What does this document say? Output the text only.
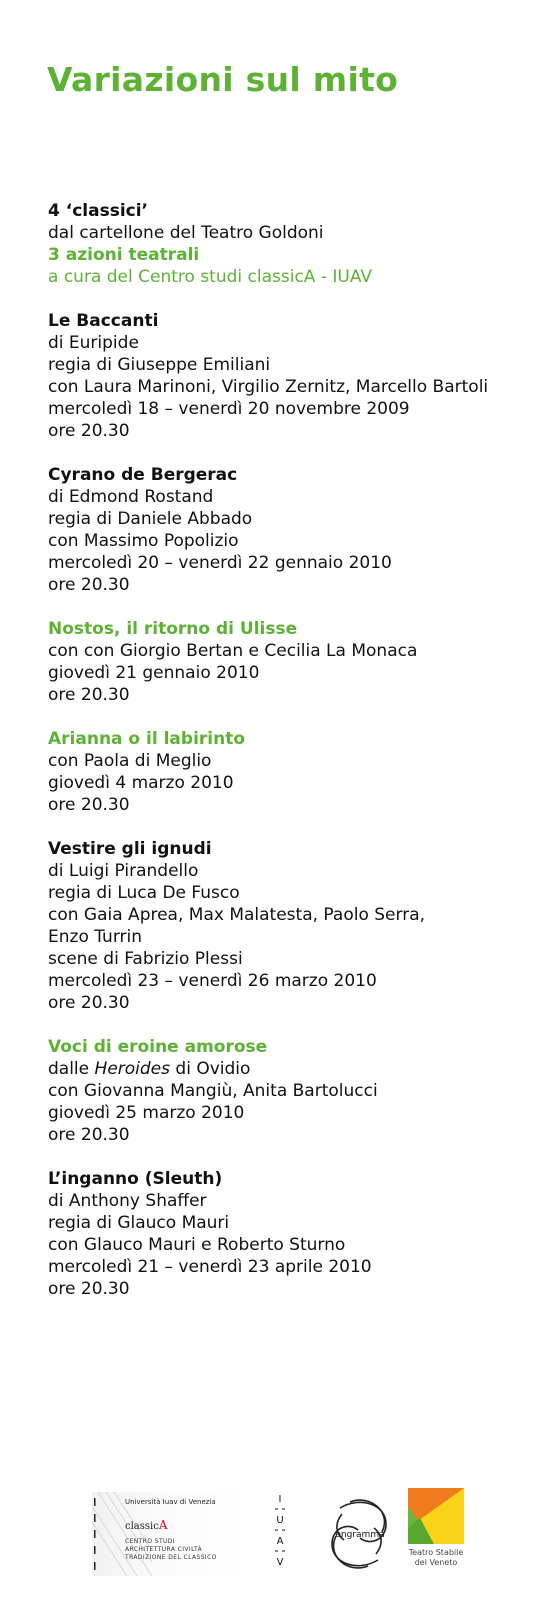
Variazioni sul mito
4 ‘classici’
dal cartellone del Teatro Goldoni
3 azioni teatrali
a cura del Centro studi classicA - IUAV
Le Baccanti
di Euripide
regia di Giuseppe Emiliani
con Laura Marinoni, Virgilio Zernitz, Marcello Bartoli
mercoledì 18 – venerdì 20 novembre 2009
ore 20.30
Cyrano de Bergerac
di Edmond Rostand
regia di Daniele Abbado
con Massimo Popolizio
mercoledì 20 – venerdì 22 gennaio 2010
ore 20.30
Nostos, il ritorno di Ulisse
con con Giorgio Bertan e Cecilia La Monaca
giovedì 21 gennaio 2010
ore 20.30
Arianna o il labirinto
con Paola di Meglio
giovedì 4 marzo 2010
ore 20.30
Vestire gli ignudi
di Luigi Pirandello
regia di Luca De Fusco
con Gaia Aprea, Max Malatesta, Paolo Serra,
Enzo Turrin
scene di Fabrizio Plessi
mercoledì 23 – venerdì 26 marzo 2010
ore 20.30
Voci di eroine amorose
dalle Heroides di Ovidio
con Giovanna Mangiù, Anita Bartolucci
giovedì 25 marzo 2010
ore 20.30
L’inganno (Sleuth)
di Anthony Shaffer
regia di Glauco Mauri
con Glauco Mauri e Roberto Sturno
mercoledì 21 – venerdì 23 aprile 2010
ore 20.30
Università Iuav di Venezia
classicA
CENTRO STUDI
ARCHITETTURA CIVILTÀ
TRADIZIONE DEL CLASSICO
I
U
A
V
engramma
Teatro Stabile
del Veneto
